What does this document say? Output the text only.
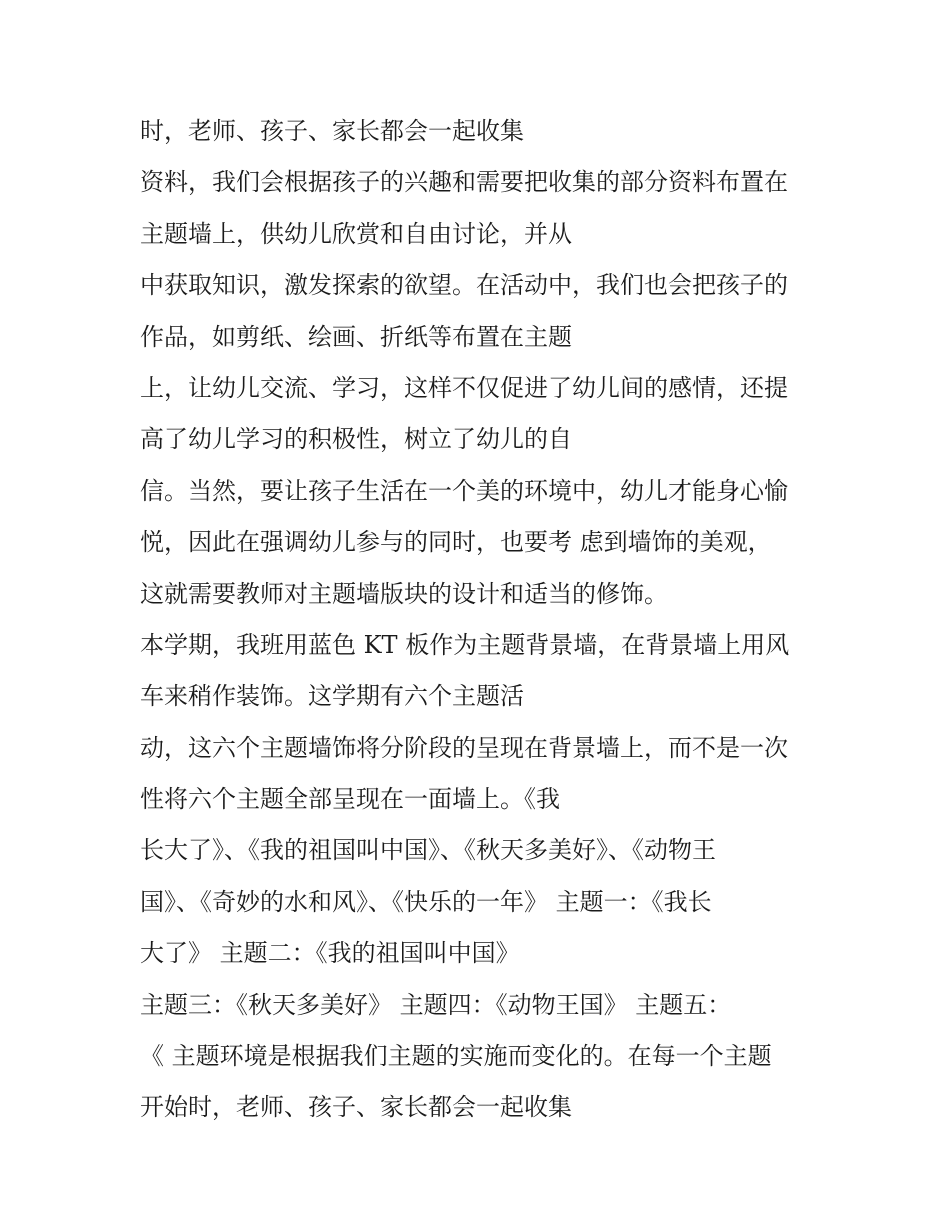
时，老师、孩子、家长都会一起收集
资料，我们会根据孩子的兴趣和需要把收集的部分资料布置在
主题墙上，供幼儿欣赏和自由讨论，并从
中获取知识，激发探索的欲望。在活动中，我们也会把孩子的
作品，如剪纸、绘画、折纸等布置在主题
上，让幼儿交流、学习，这样不仅促进了幼儿间的感情，还提
高了幼儿学习的积极性，树立了幼儿的自
信。当然，要让孩子生活在一个美的环境中，幼儿才能身心愉
悦，因此在强调幼儿参与的同时，也要考 虑到墙饰的美观，
这就需要教师对主题墙版块的设计和适当的修饰。
本学期，我班用蓝色 KT 板作为主题背景墙，在背景墙上用风
车来稍作装饰。这学期有六个主题活
动，这六个主题墙饰将分阶段的呈现在背景墙上，而不是一次
性将六个主题全部呈现在一面墙上。《我
长大了》、《我的祖国叫中国》、《秋天多美好》、《动物王
国》、《奇妙的水和风》、《快乐的一年》 主题一：《我长
大了》 主题二：《我的祖国叫中国》
主题三：《秋天多美好》 主题四：《动物王国》 主题五：
《 主题环境是根据我们主题的实施而变化的。在每一个主题
开始时，老师、孩子、家长都会一起收集
